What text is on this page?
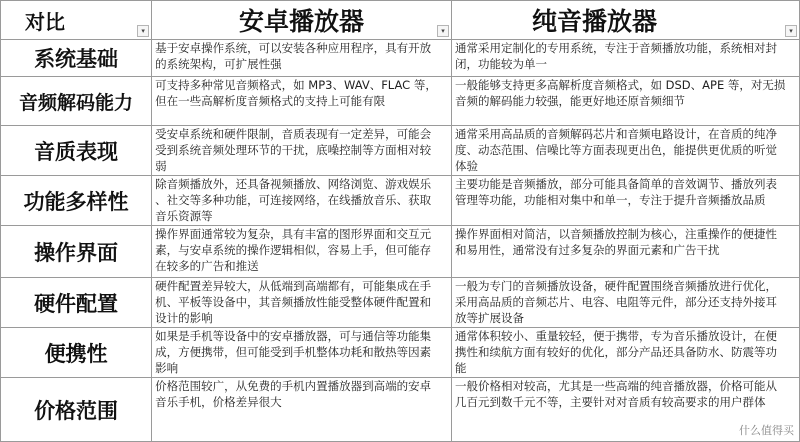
对比 ▾	安卓播放器 ▾	纯音播放器 ▾

系统基础	基于安卓操作系统，可以安装各种应用程序，具有开放
的系统架构，可扩展性强	通常采用定制化的专用系统，专注于音频播放功能，系统相对封
闭，功能较为单一

音频解码能力	可支持多种常见音频格式，如 MP3、WAV、FLAC 等，
但在一些高解析度音频格式的支持上可能有限	一般能够支持更多高解析度音频格式，如 DSD、APE 等，对无损
音频的解码能力较强，能更好地还原音频细节

音质表现	受安卓系统和硬件限制，音质表现有一定差异，可能会
受到系统音频处理环节的干扰，底噪控制等方面相对较
弱	通常采用高品质的音频解码芯片和音频电路设计，在音质的纯净
度、动态范围、信噪比等方面表现更出色，能提供更优质的听觉
体验

功能多样性	除音频播放外，还具备视频播放、网络浏览、游戏娱乐
、社交等多种功能，可连接网络，在线播放音乐、获取
音乐资源等	主要功能是音频播放，部分可能具备简单的音效调节、播放列表
管理等功能，功能相对集中和单一，专注于提升音频播放品质

操作界面	操作界面通常较为复杂，具有丰富的图形界面和交互元
素，与安卓系统的操作逻辑相似，容易上手，但可能存
在较多的广告和推送	操作界面相对简洁，以音频播放控制为核心，注重操作的便捷性
和易用性，通常没有过多复杂的界面元素和广告干扰

硬件配置	硬件配置差异较大，从低端到高端都有，可能集成在手
机、平板等设备中，其音频播放性能受整体硬件配置和
设计的影响	一般为专门的音频播放设备，硬件配置围绕音频播放进行优化，
采用高品质的音频芯片、电容、电阻等元件，部分还支持外接耳
放等扩展设备

便携性	如果是手机等设备中的安卓播放器，可与通信等功能集
成，方便携带，但可能受到手机整体功耗和散热等因素
影响	通常体积较小、重量较轻，便于携带，专为音乐播放设计，在便
携性和续航方面有较好的优化，部分产品还具备防水、防震等功
能

价格范围	价格范围较广，从免费的手机内置播放器到高端的安卓
音乐手机，价格差异很大	一般价格相对较高，尤其是一些高端的纯音播放器，价格可能从
几百元到数千元不等，主要针对对音质有较高要求的用户群体
什么值得买
